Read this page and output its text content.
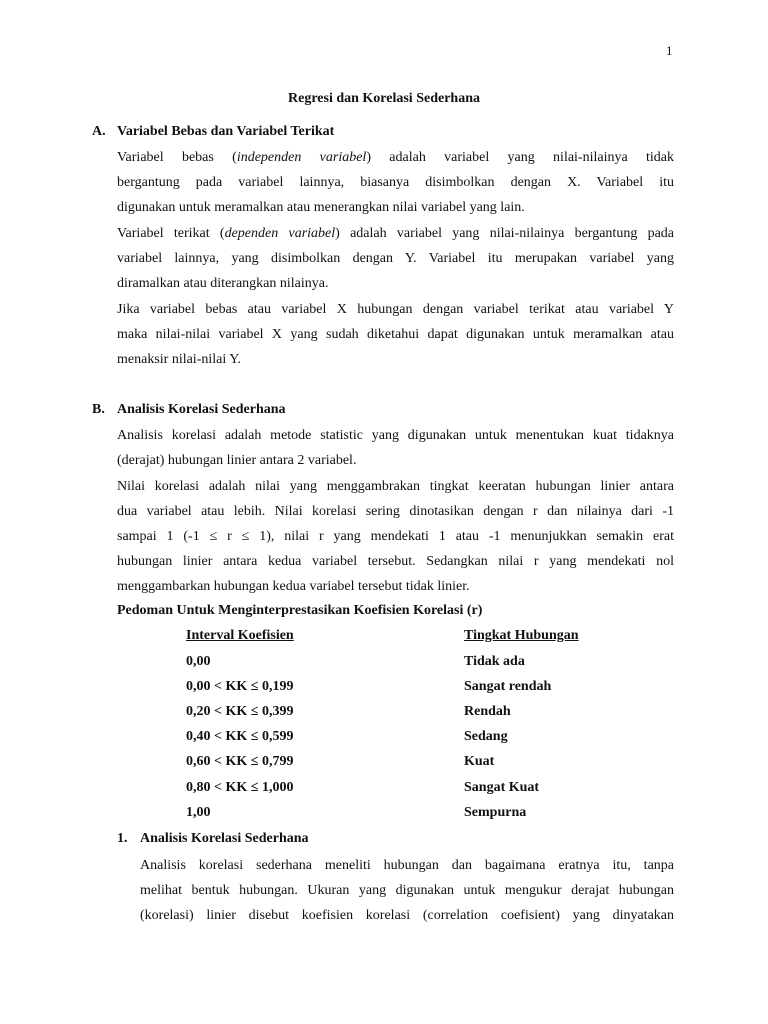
1
Regresi dan Korelasi Sederhana
A. Variabel Bebas dan Variabel Terikat
Variabel bebas (independen variabel) adalah variabel yang nilai-nilainya tidak
bergantung pada variabel lainnya, biasanya disimbolkan dengan X. Variabel itu
digunakan untuk meramalkan atau menerangkan nilai variabel yang lain.
Variabel terikat (dependen variabel) adalah variabel yang nilai-nilainya bergantung pada
variabel lainnya, yang disimbolkan dengan Y. Variabel itu merupakan variabel yang
diramalkan atau diterangkan nilainya.
Jika variabel bebas atau variabel X hubungan dengan variabel terikat atau variabel Y
maka nilai-nilai variabel X yang sudah diketahui dapat digunakan untuk meramalkan atau
menaksir nilai-nilai Y.
B. Analisis Korelasi Sederhana
Analisis korelasi adalah metode statistic yang digunakan untuk menentukan kuat tidaknya
(derajat) hubungan linier antara 2 variabel.
Nilai korelasi adalah nilai yang menggambrakan tingkat keeratan hubungan linier antara
dua variabel atau lebih. Nilai korelasi sering dinotasikan dengan r dan nilainya dari -1
sampai 1 (-1 ≤ r ≤ 1), nilai r yang mendekati 1 atau -1 menunjukkan semakin erat
hubungan linier antara kedua variabel tersebut. Sedangkan nilai r yang mendekati nol
menggambarkan hubungan kedua variabel tersebut tidak linier.
Pedoman Untuk Menginterprestasikan Koefisien Korelasi (r)
Interval Koefisien	Tingkat Hubungan
0,00	Tidak ada
0,00 < KK ≤ 0,199	Sangat rendah
0,20 < KK ≤ 0,399	Rendah
0,40 < KK ≤ 0,599	Sedang
0,60 < KK ≤ 0,799	Kuat
0,80 < KK ≤ 1,000	Sangat Kuat
1,00	Sempurna
1. Analisis Korelasi Sederhana
Analisis korelasi sederhana meneliti hubungan dan bagaimana eratnya itu, tanpa
melihat bentuk hubungan. Ukuran yang digunakan untuk mengukur derajat hubungan
(korelasi) linier disebut koefisien korelasi (correlation coefisient) yang dinyatakan
